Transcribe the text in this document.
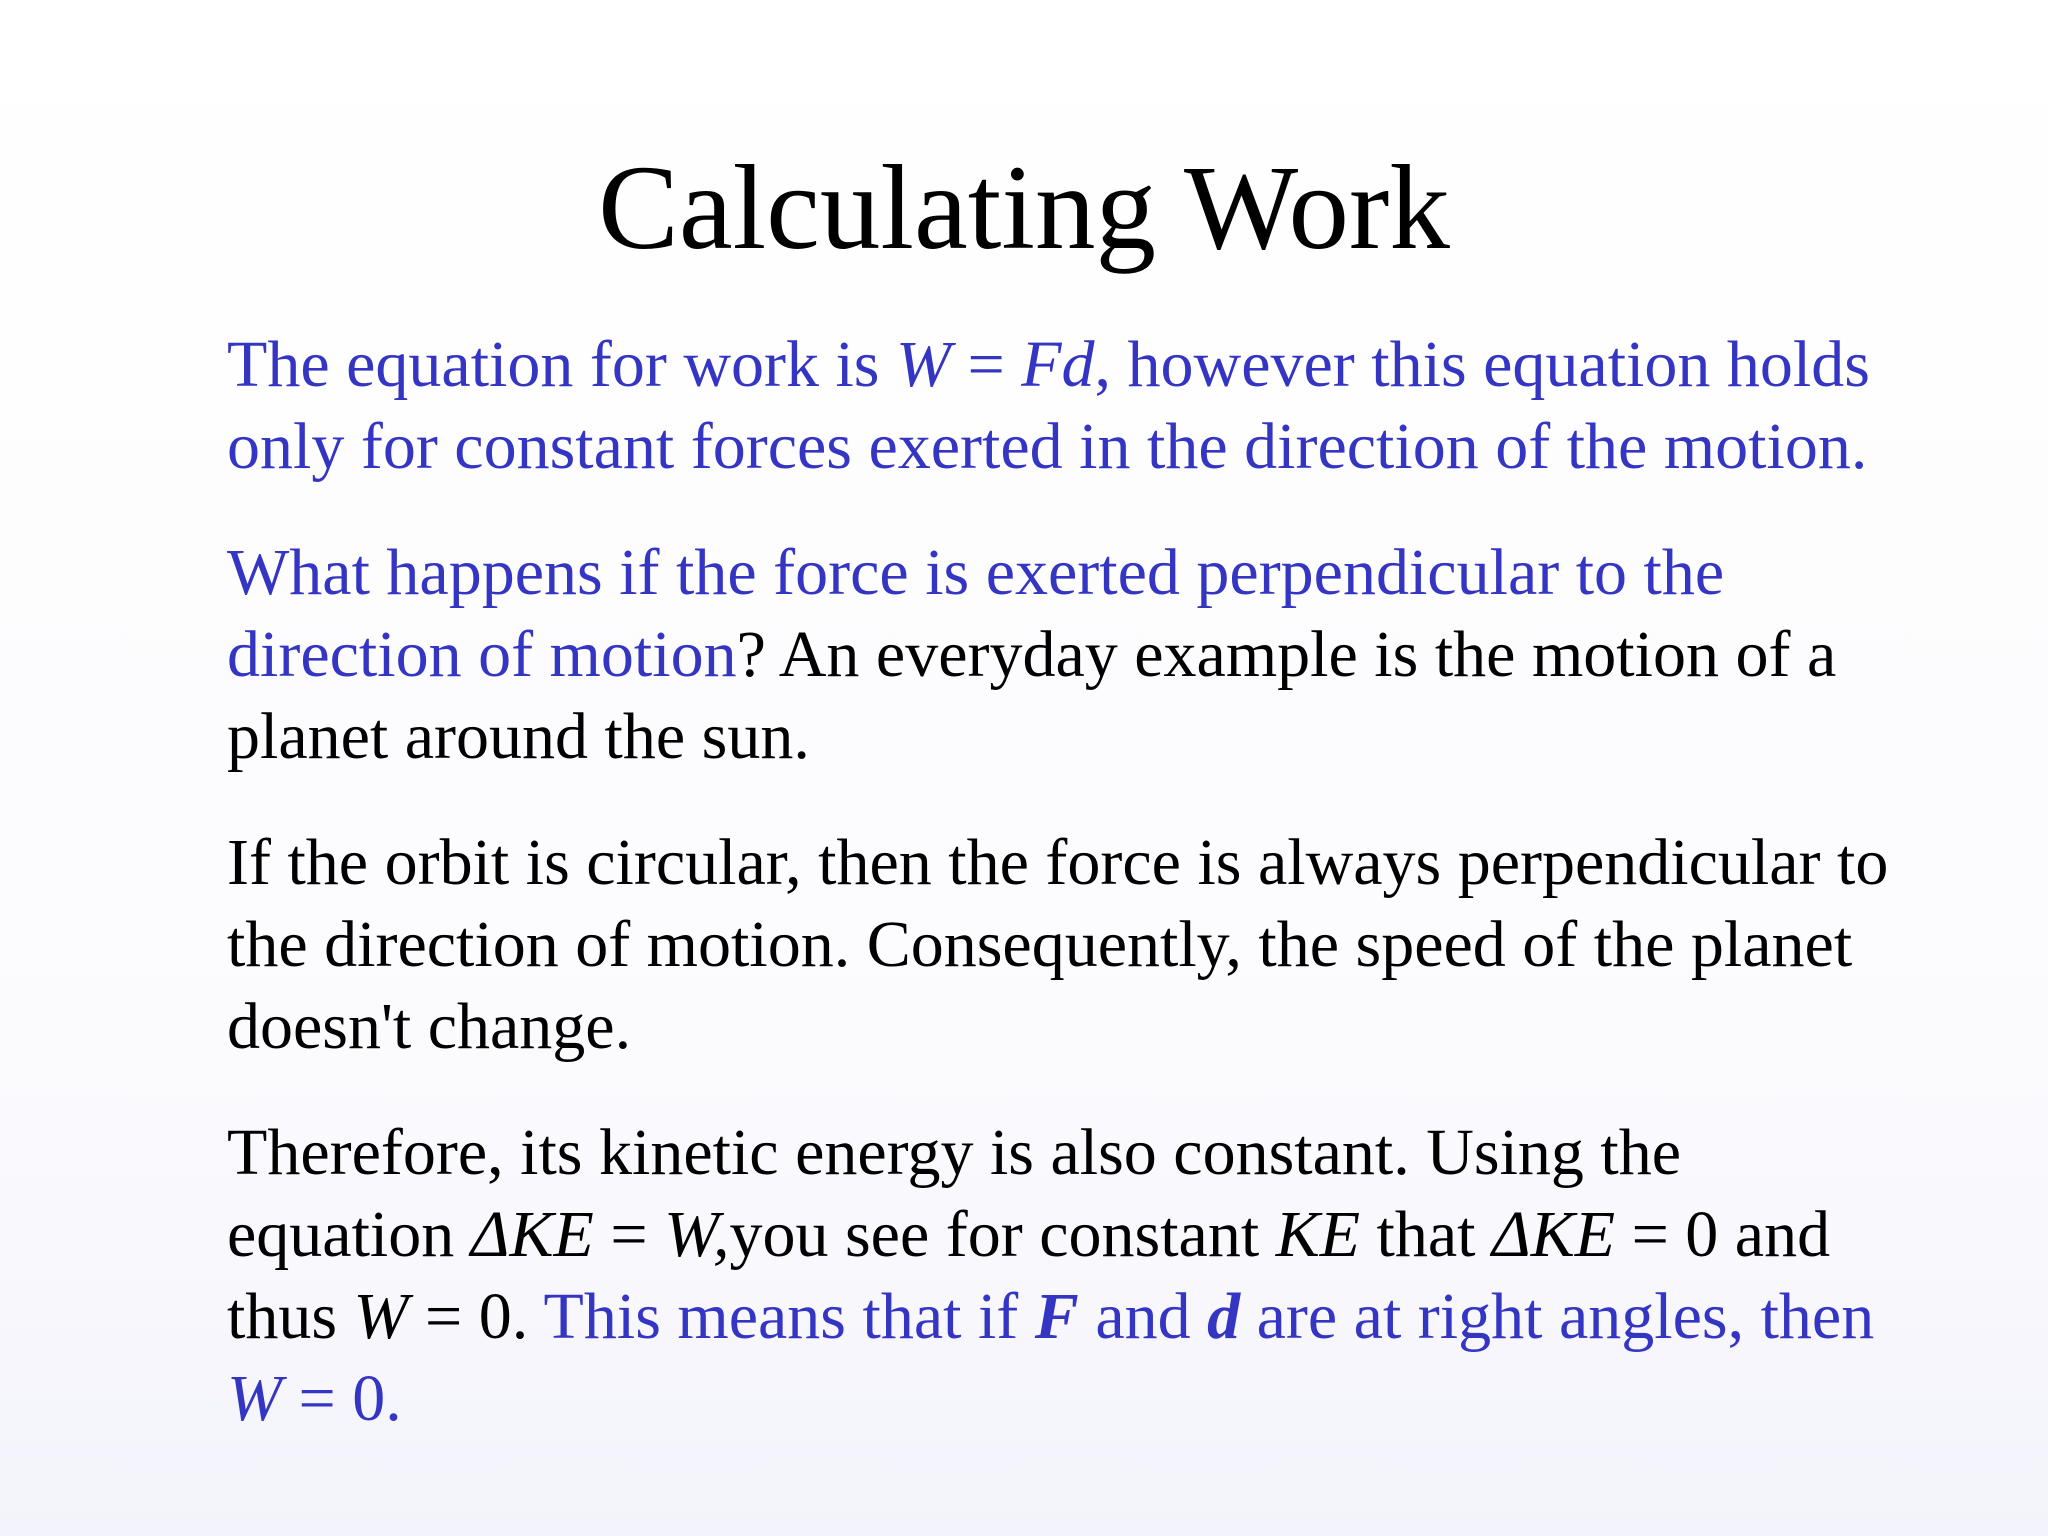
Calculating Work

The equation for work is W = Fd, however this equation holds only for constant forces exerted in the direction of the motion.

What happens if the force is exerted perpendicular to the direction of motion? An everyday example is the motion of a planet around the sun.

If the orbit is circular, then the force is always perpendicular to the direction of motion. Consequently, the speed of the planet doesn't change.

Therefore, its kinetic energy is also constant. Using the equation ΔKE = W,you see for constant KE that ΔKE = 0 and thus W = 0. This means that if F and d are at right angles, then W = 0.
